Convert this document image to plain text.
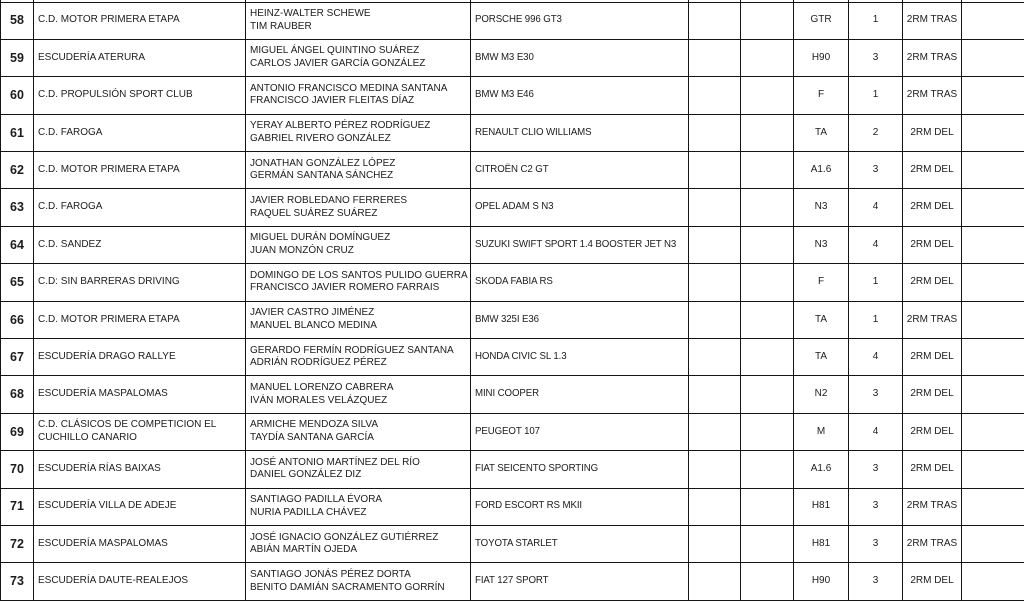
58	C.D. MOTOR PRIMERA ETAPA	HEINZ-WALTER SCHEWE
TIM RAUBER	PORSCHE 996 GT3			GTR	1	2RM TRAS	
59	ESCUDERÍA ATERURA	MIGUEL ÁNGEL QUINTINO SUÁREZ
CARLOS JAVIER GARCÍA GONZÁLEZ	BMW M3 E30			H90	3	2RM TRAS	
60	C.D. PROPULSIÓN SPORT CLUB	ANTONIO FRANCISCO MEDINA SANTANA
FRANCISCO JAVIER FLEITAS DÍAZ	BMW M3 E46			F	1	2RM TRAS	
61	C.D. FAROGA	YERAY ALBERTO PÉREZ RODRÍGUEZ
GABRIEL RIVERO GONZÁLEZ	RENAULT CLIO WILLIAMS			TA	2	2RM DEL	
62	C.D. MOTOR PRIMERA ETAPA	JONATHAN GONZÁLEZ LÓPEZ
GERMÁN SANTANA SÁNCHEZ	CITROËN C2 GT			A1.6	3	2RM DEL	
63	C.D. FAROGA	JAVIER ROBLEDANO FERRERES
RAQUEL SUÁREZ SUÁREZ	OPEL ADAM S N3			N3	4	2RM DEL	
64	C.D. SANDEZ	MIGUEL DURÁN DOMÍNGUEZ
JUAN MONZÓN CRUZ	SUZUKI SWIFT SPORT 1.4 BOOSTER JET N3			N3	4	2RM DEL	
65	C.D: SIN BARRERAS DRIVING	DOMINGO DE LOS SANTOS PULIDO GUERRA
FRANCISCO JAVIER ROMERO FARRAIS	SKODA FABIA RS			F	1	2RM DEL	
66	C.D. MOTOR PRIMERA ETAPA	JAVIER CASTRO JIMÉNEZ
MANUEL BLANCO MEDINA	BMW 325I E36			TA	1	2RM TRAS	
67	ESCUDERÍA DRAGO RALLYE	GERARDO FERMÍN RODRÍGUEZ SANTANA
ADRIÁN RODRÍGUEZ PÉREZ	HONDA CIVIC SL 1.3			TA	4	2RM DEL	
68	ESCUDERÍA MASPALOMAS	MANUEL LORENZO CABRERA
IVÁN MORALES VELÁZQUEZ	MINI COOPER			N2	3	2RM DEL	
69	C.D. CLÁSICOS DE COMPETICION EL CUCHILLO CANARIO	ARMICHE MENDOZA SILVA
TAYDÍA SANTANA GARCÍA	PEUGEOT 107			M	4	2RM DEL	
70	ESCUDERÍA RÍAS BAIXAS	JOSÉ ANTONIO MARTÍNEZ DEL RÍO
DANIEL GONZÁLEZ DIZ	FIAT SEICENTO SPORTING			A1.6	3	2RM DEL	
71	ESCUDERÍA VILLA DE ADEJE	SANTIAGO PADILLA ÉVORA
NURIA PADILLA CHÁVEZ	FORD ESCORT RS MKII			H81	3	2RM TRAS	
72	ESCUDERÍA MASPALOMAS	JOSÉ IGNACIO GONZÁLEZ GUTIÉRREZ
ABIÁN MARTÍN OJEDA	TOYOTA STARLET			H81	3	2RM TRAS	
73	ESCUDERÍA DAUTE-REALEJOS	SANTIAGO JONÁS PÉREZ DORTA
BENITO DAMIÁN SACRAMENTO GORRÍN	FIAT 127 SPORT			H90	3	2RM DEL	
